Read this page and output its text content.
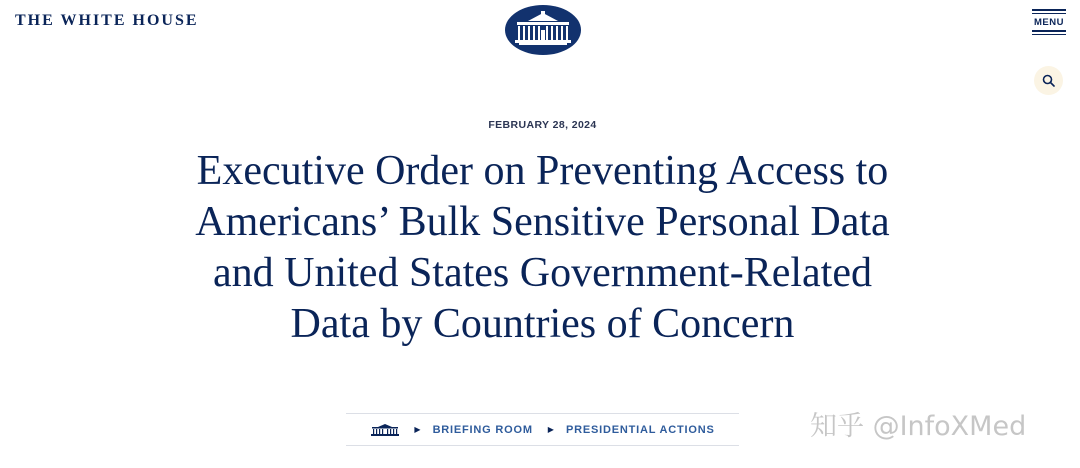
THE WHITE HOUSE	MENU
FEBRUARY 28, 2024
Executive Order on Preventing Access to Americans’ Bulk Sensitive Personal Data and United States Government-Related Data by Countries of Concern
▶ BRIEFING ROOM ▶ PRESIDENTIAL ACTIONS	知乎 @InfoXMed
